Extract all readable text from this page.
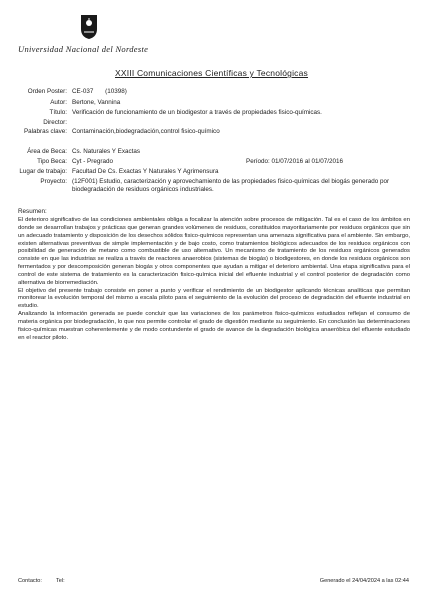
Universidad Nacional del Nordeste
XXIII Comunicaciones Científicas y Tecnológicas
Orden Poster: CE-037 (10398)
Autor: Bertone, Vannina
Título: Verificación de funcionamiento de un biodigestor a través de propiedades fisico-químicas.
Director:
Palabras clave: Contaminación,biodegradación,control fisico-químico
Área de Beca: Cs. Naturales Y Exactas
Tipo Beca: Cyt - Pregrado	Período: 01/07/2016 al 01/07/2016
Lugar de trabajo: Facultad De Cs. Exactas Y Naturales Y Agrimensura
Proyecto: (12F001) Estudio, caracterización y aprovechamiento de las propiedades fisico-químicas del biogás generado por biodegradación de residuos orgánicos industriales.
Resumen:
El deterioro significativo de las condiciones ambientales obliga a focalizar la atención sobre procesos de mitigación. Tal es el caso de los ámbitos en donde se desarrollan trabajos y prácticas que generan grandes volúmenes de residuos, constituidos mayoritariamente por residuos orgánicos que sin un adecuado tratamiento y disposición de los desechos sólidos fisico-químicos representan una amenaza significativa para el ambiente. Sin embargo, existen alternativas preventivas de simple implementación y de bajo costo, como tratamientos biológicos adecuados de los residuos orgánicos con posibilidad de generación de metano como combustible de uso alternativo. Un mecanismo de tratamiento de los residuos orgánicos generados consiste en que las industrias se realiza a través de reactores anaerobios (sistemas de biogás) o biodigestores, en donde los residuos orgánicos son fermentados y por descomposición generan biogás y otros componentes que ayudan a mitigar el deterioro ambiental. Una etapa significativa para el control de este sistema de tratamiento es la caracterización fisico-química inicial del efluente industrial y el control posterior de degradación como alternativa de biorremediación.
El objetivo del presente trabajo consiste en poner a punto y verificar el rendimiento de un biodigestor aplicando técnicas analíticas que permitan monitorear la evolución temporal del mismo a escala piloto para el seguimiento de la evolución del proceso de degradación del efluente industrial en estudio.
Analizando la información generada se puede concluir que las variaciones de los parámetros fisico-químicos estudiados reflejan el consumo de materia orgánica por biodegradación, lo que nos permite controlar el grado de digestión mediante su seguimiento. En conclusión las determinaciones fisico-químicas muestran coherentemente y de modo contundente el grado de avance de la degradación biológica anaeróbica del efluente estudiado en el reactor piloto.
Contacto:	Tel:	Generado el 24/04/2024 a las 02:44
